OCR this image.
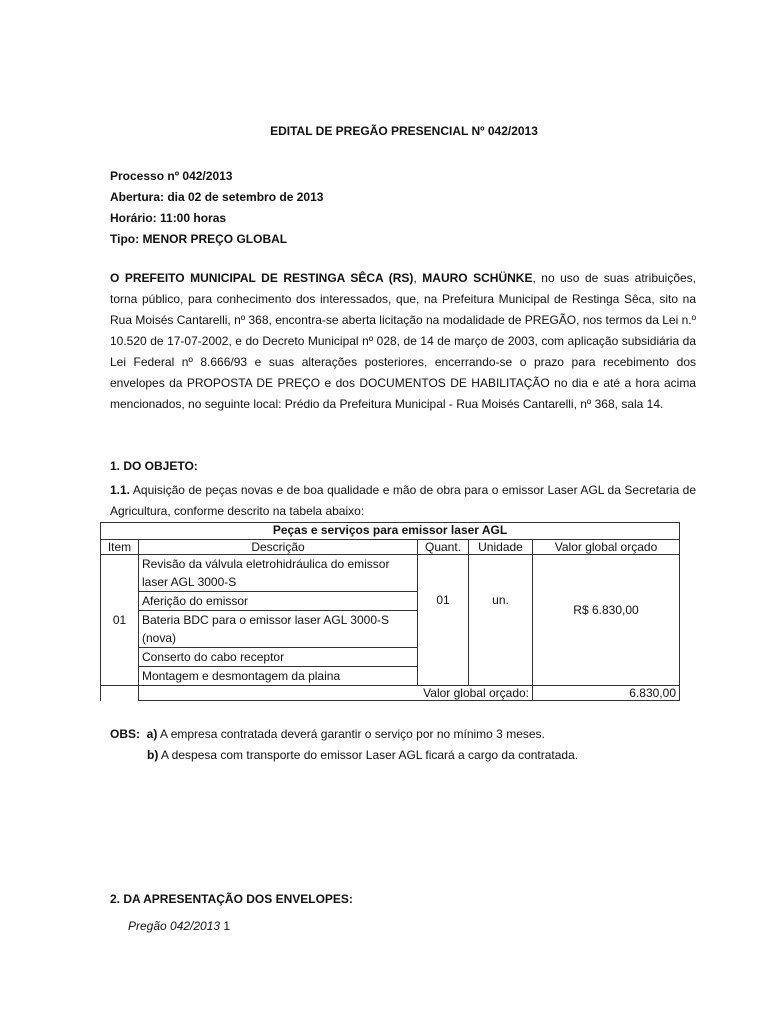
EDITAL DE PREGÃO PRESENCIAL Nº 042/2013
Processo nº 042/2013
Abertura: dia 02 de setembro de 2013
Horário: 11:00 horas
Tipo: MENOR PREÇO GLOBAL
O PREFEITO MUNICIPAL DE RESTINGA SÊCA (RS), MAURO SCHÜNKE, no uso de suas atribuições, torna público, para conhecimento dos interessados, que, na Prefeitura Municipal de Restinga Sêca, sito na Rua Moisés Cantarelli, nº 368, encontra-se aberta licitação na modalidade de PREGÃO, nos termos da Lei n.º 10.520 de 17-07-2002, e do Decreto Municipal nº 028, de 14 de março de 2003, com aplicação subsidiária da Lei Federal nº 8.666/93 e suas alterações posteriores, encerrando-se o prazo para recebimento dos envelopes da PROPOSTA DE PREÇO e dos DOCUMENTOS DE HABILITAÇÃO no dia e até a hora acima mencionados, no seguinte local: Prédio da Prefeitura Municipal - Rua Moisés Cantarelli, nº 368, sala 14.
1. DO OBJETO:
1.1. Aquisição de peças novas e de boa qualidade e mão de obra para o emissor Laser AGL da Secretaria de Agricultura, conforme descrito na tabela abaixo:
Peças e serviços para emissor laser AGL				
Item	Descrição	Quant.	Unidade	Valor global orçado
01	Revisão da válvula eletrohidráulica do emissor laser AGL 3000-S	01	un.	R$ 6.830,00
	Aferição do emissor			
	Bateria BDC para o emissor laser AGL 3000-S (nova)			
	Conserto do cabo receptor			
	Montagem e desmontagem da plaina			
	Valor global orçado:			6.830,00
OBS: a) A empresa contratada deverá garantir o serviço por no mínimo 3 meses.
b) A despesa com transporte do emissor Laser AGL ficará a cargo da contratada.
2. DA APRESENTAÇÃO DOS ENVELOPES:
Pregão 042/2013 1
